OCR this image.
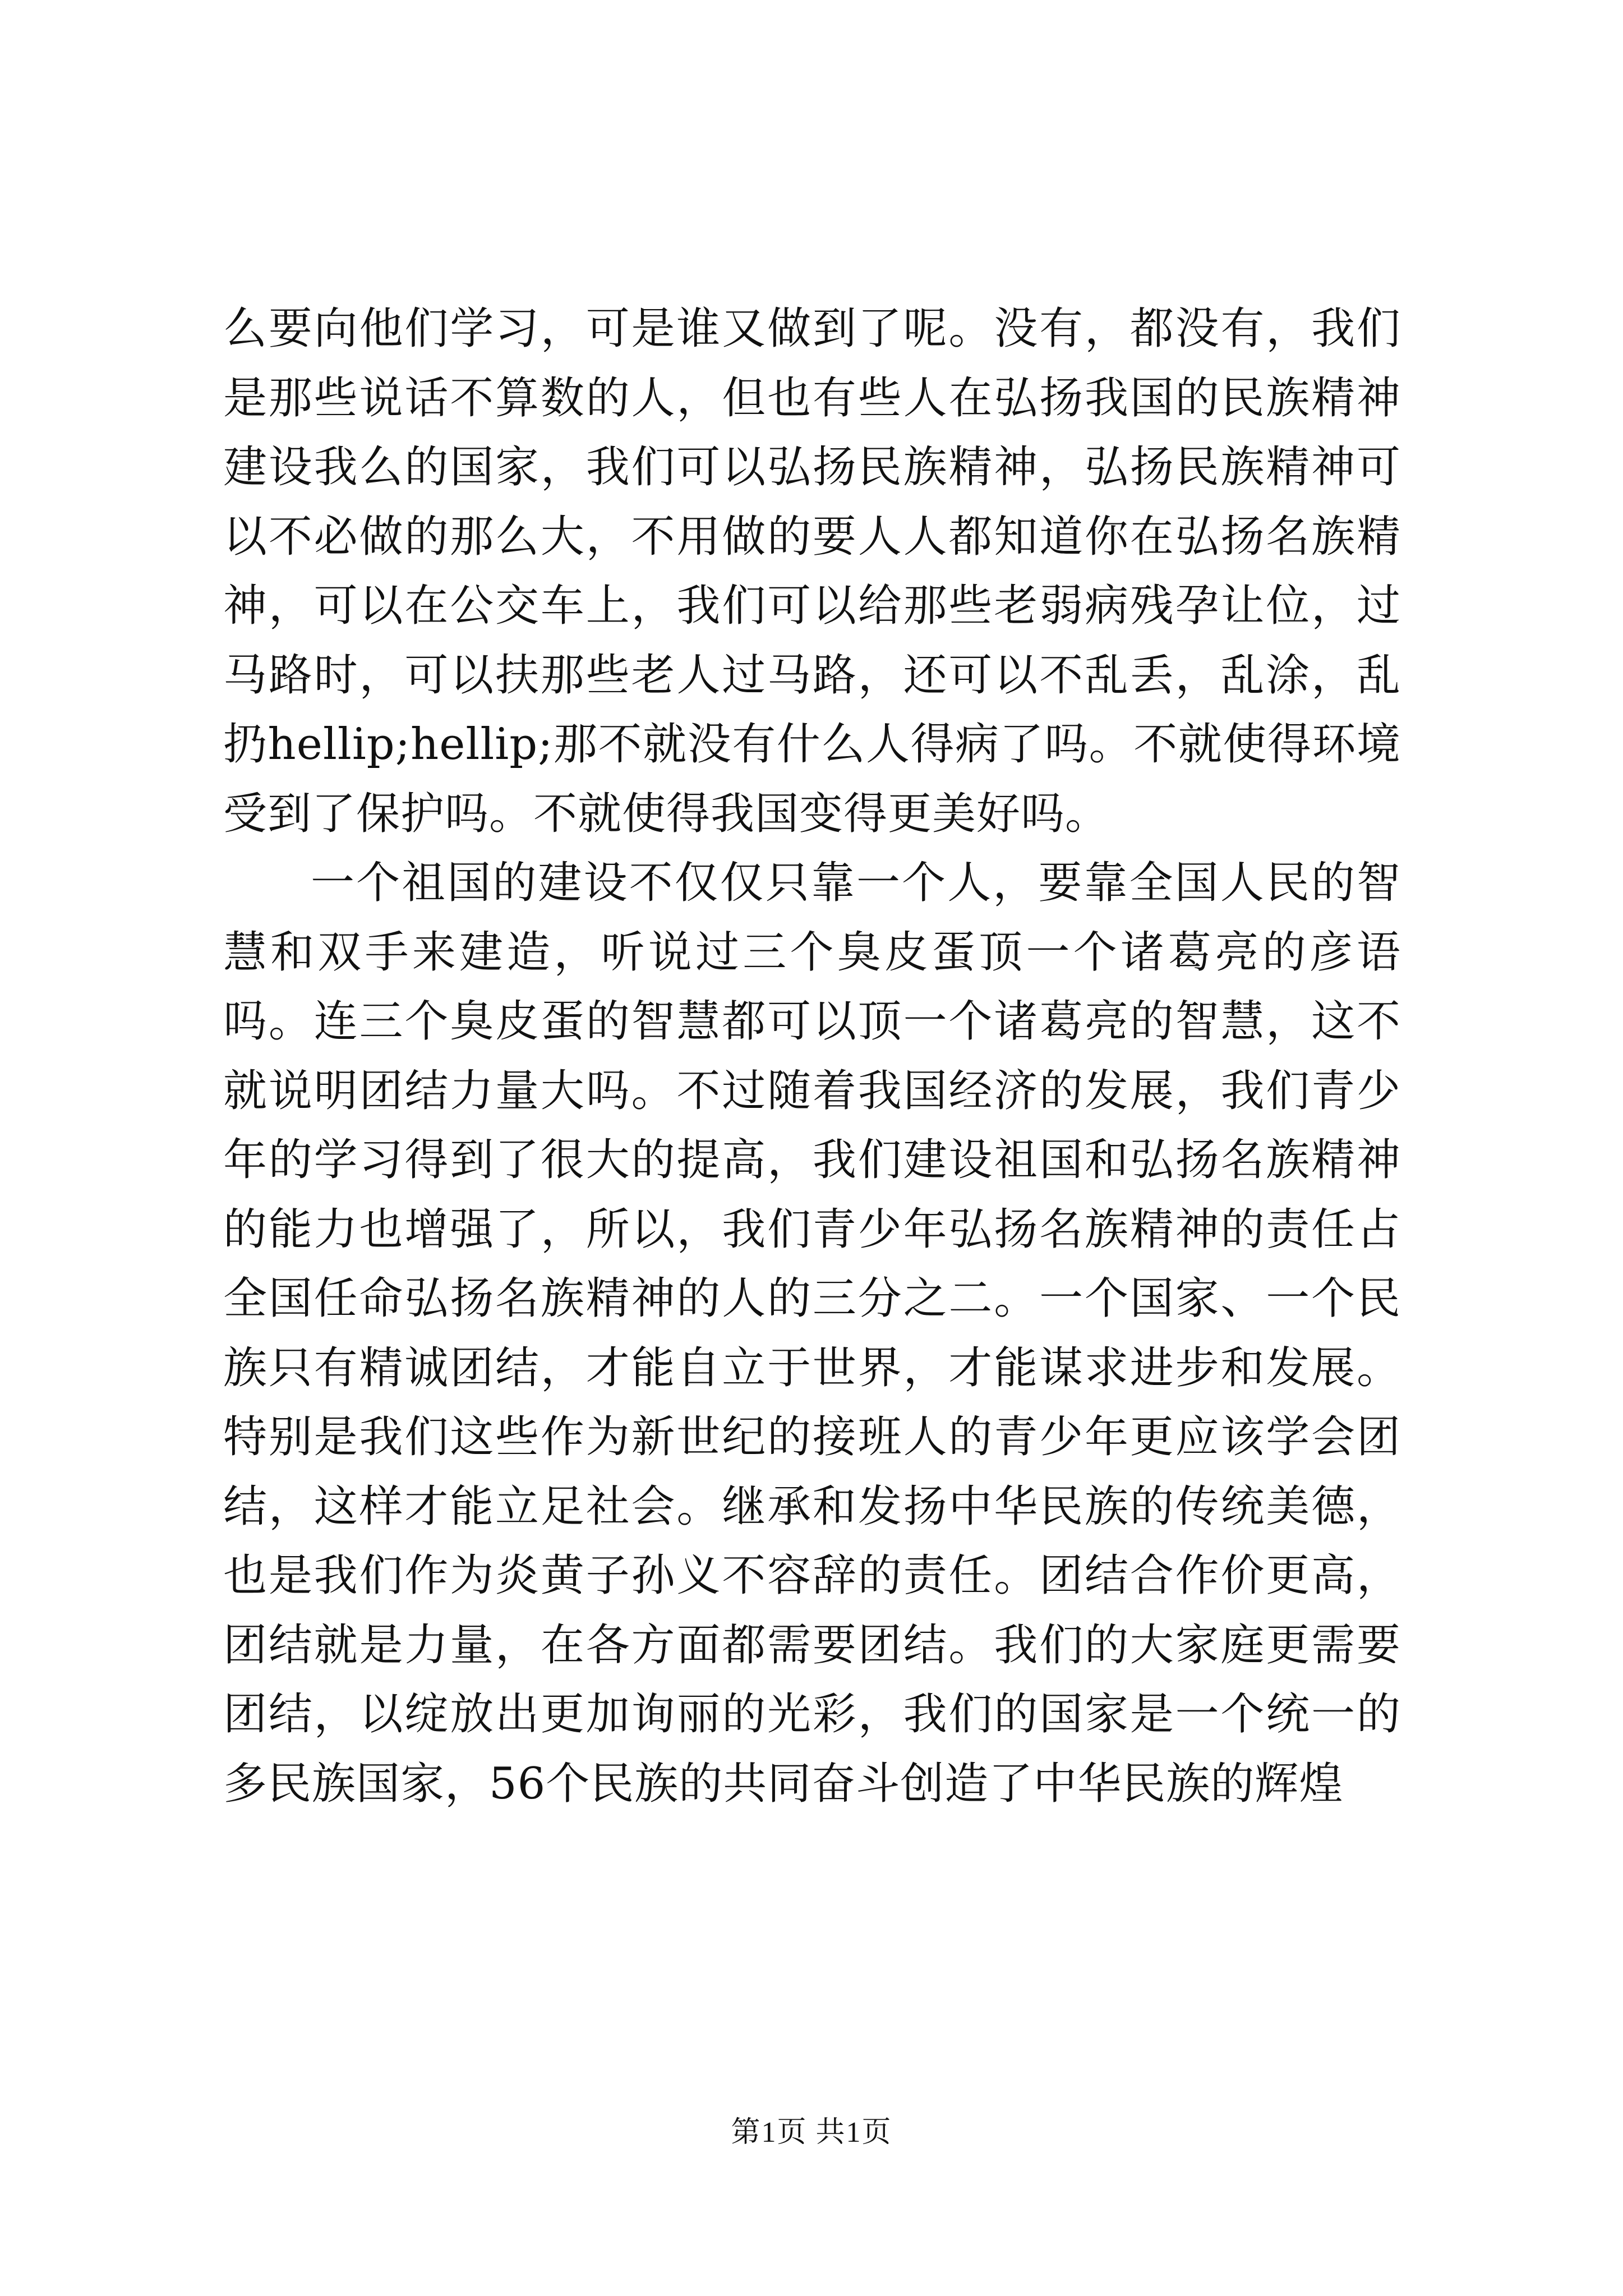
么要向他们学习，可是谁又做到了呢。没有，都没有，我们是那些说话不算数的人，但也有些人在弘扬我国的民族精神建设我么的国家，我们可以弘扬民族精神，弘扬民族精神可以不必做的那么大，不用做的要人人都知道你在弘扬名族精神，可以在公交车上，我们可以给那些老弱病残孕让位，过马路时，可以扶那些老人过马路，还可以不乱丢，乱涂，乱扔hellip;hellip;那不就没有什么人得病了吗。不就使得环境受到了保护吗。不就使得我国变得更美好吗。

一个祖国的建设不仅仅只靠一个人，要靠全国人民的智慧和双手来建造，听说过三个臭皮蛋顶一个诸葛亮的彦语吗。连三个臭皮蛋的智慧都可以顶一个诸葛亮的智慧，这不就说明团结力量大吗。不过随着我国经济的发展，我们青少年的学习得到了很大的提高，我们建设祖国和弘扬名族精神的能力也增强了，所以，我们青少年弘扬名族精神的责任占全国任命弘扬名族精神的人的三分之二。一个国家、一个民族只有精诚团结，才能自立于世界，才能谋求进步和发展。特别是我们这些作为新世纪的接班人的青少年更应该学会团结，这样才能立足社会。继承和发扬中华民族的传统美德，也是我们作为炎黄子孙义不容辞的责任。团结合作价更高，团结就是力量，在各方面都需要团结。我们的大家庭更需要团结，以绽放出更加询丽的光彩，我们的国家是一个统一的多民族国家，56个民族的共同奋斗创造了中华民族的辉煌

第1页 共1页
